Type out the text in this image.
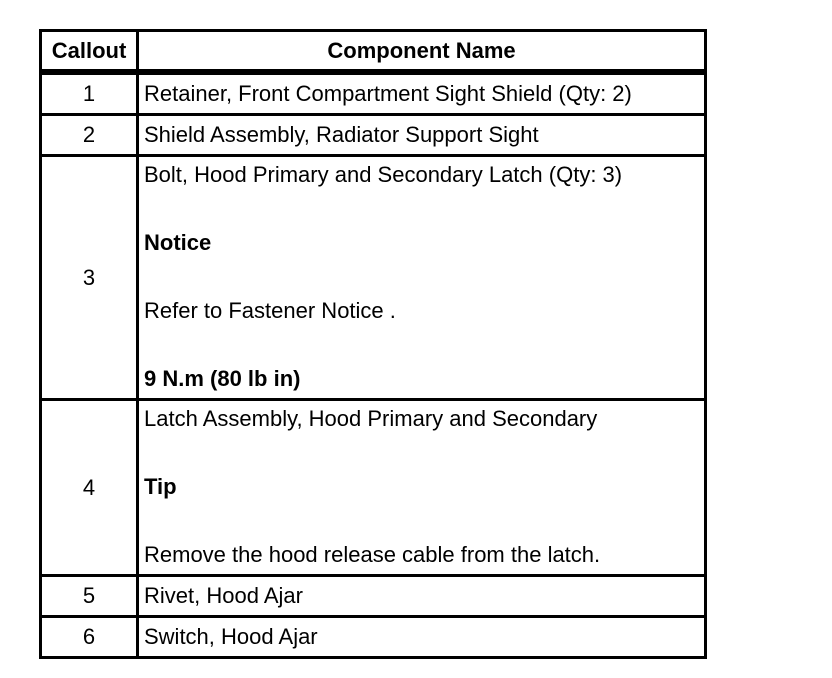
Callout	Component Name
1	Retainer, Front Compartment Sight Shield (Qty: 2)
2	Shield Assembly, Radiator Support Sight
3	Bolt, Hood Primary and Secondary Latch (Qty: 3)
Notice
Refer to Fastener Notice .
9 N.m (80 lb in)

4	Latch Assembly, Hood Primary and Secondary
Tip
Remove the hood release cable from the latch.

5	Rivet, Hood Ajar
6	Switch, Hood Ajar
